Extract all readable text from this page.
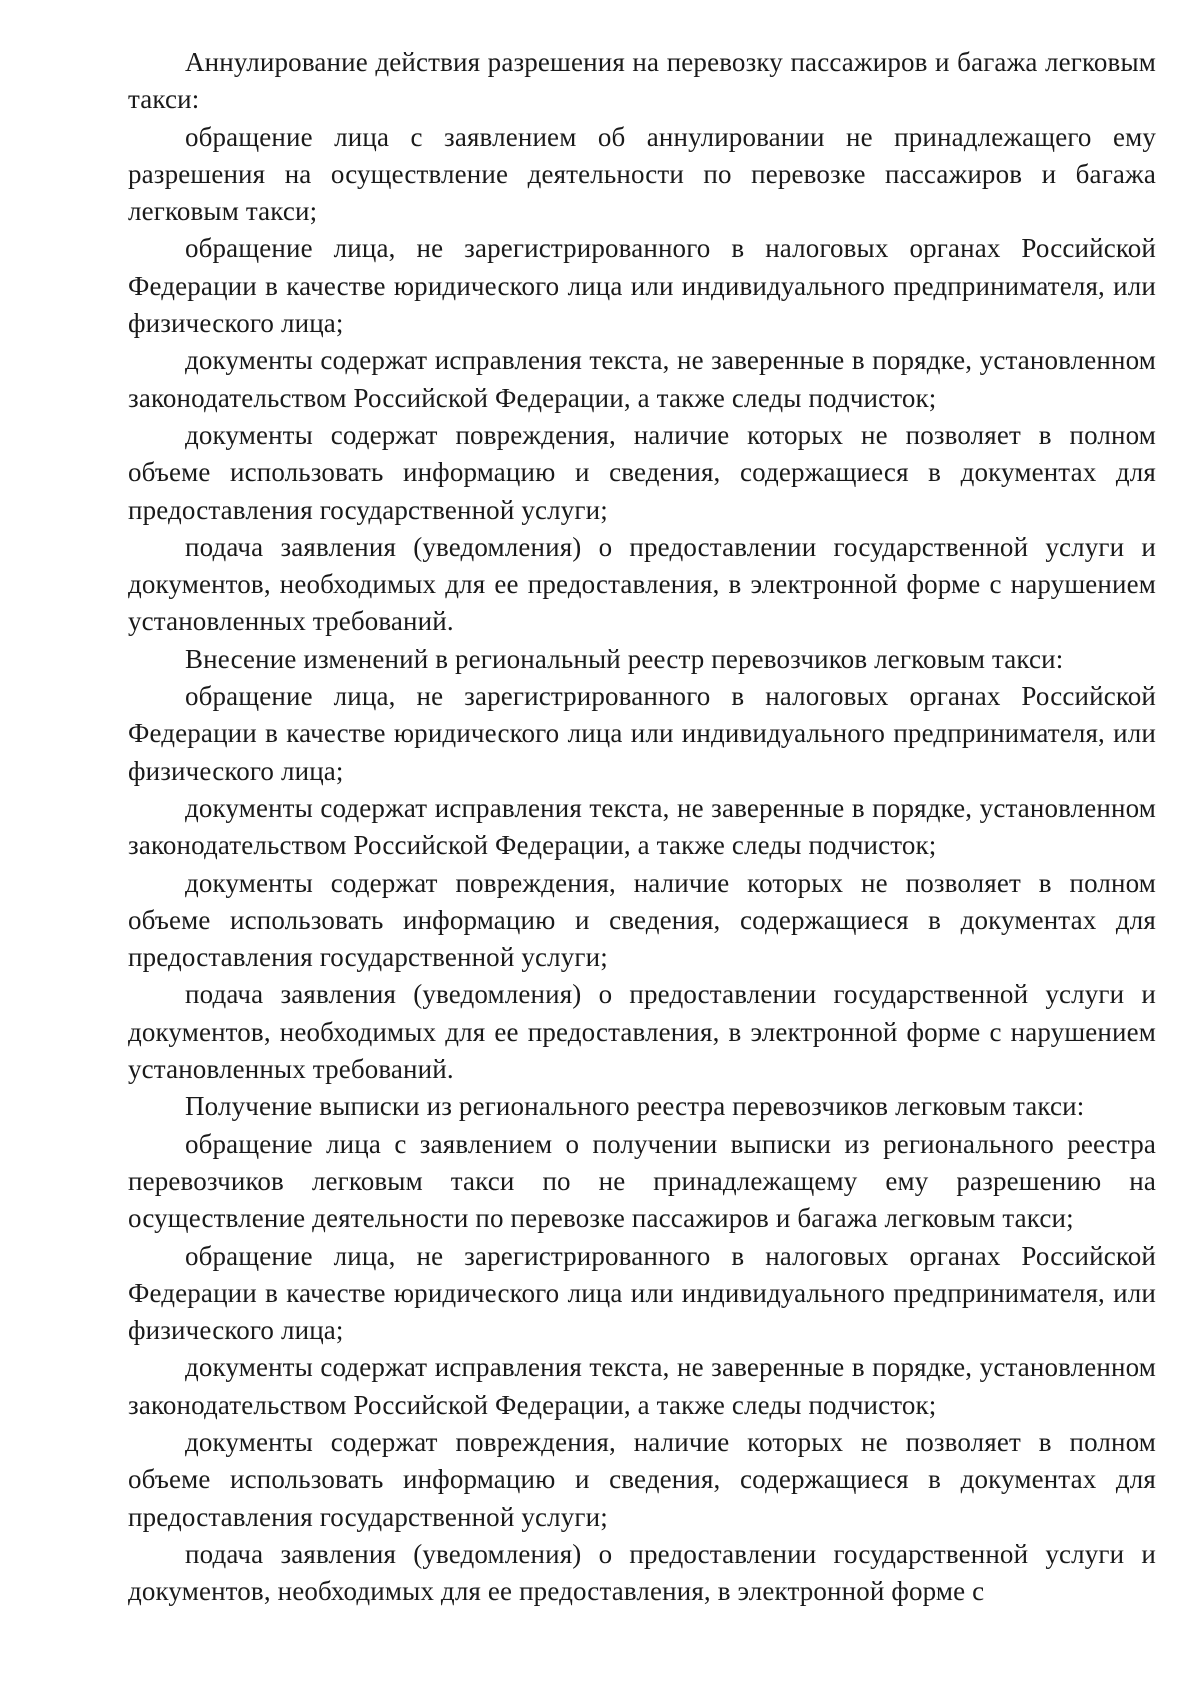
Аннулирование действия разрешения на перевозку пассажиров и багажа легковым такси:

обращение лица с заявлением об аннулировании не принадлежащего ему разрешения на осуществление деятельности по перевозке пассажиров и багажа легковым такси;

обращение лица, не зарегистрированного в налоговых органах Российской Федерации в качестве юридического лица или индивидуального предпринимателя, или физического лица;

документы содержат исправления текста, не заверенные в порядке, установленном законодательством Российской Федерации, а также следы подчисток;

документы содержат повреждения, наличие которых не позволяет в полном объеме использовать информацию и сведения, содержащиеся в документах для предоставления государственной услуги;

подача заявления (уведомления) о предоставлении государственной услуги и документов, необходимых для ее предоставления, в электронной форме с нарушением установленных требований.

Внесение изменений в региональный реестр перевозчиков легковым такси:

обращение лица, не зарегистрированного в налоговых органах Российской Федерации в качестве юридического лица или индивидуального предпринимателя, или физического лица;

документы содержат исправления текста, не заверенные в порядке, установленном законодательством Российской Федерации, а также следы подчисток;

документы содержат повреждения, наличие которых не позволяет в полном объеме использовать информацию и сведения, содержащиеся в документах для предоставления государственной услуги;

подача заявления (уведомления) о предоставлении государственной услуги и документов, необходимых для ее предоставления, в электронной форме с нарушением установленных требований.

Получение выписки из регионального реестра перевозчиков легковым такси:

обращение лица с заявлением о получении выписки из регионального реестра перевозчиков легковым такси по не принадлежащему ему разрешению на осуществление деятельности по перевозке пассажиров и багажа легковым такси;

обращение лица, не зарегистрированного в налоговых органах Российской Федерации в качестве юридического лица или индивидуального предпринимателя, или физического лица;

документы содержат исправления текста, не заверенные в порядке, установленном законодательством Российской Федерации, а также следы подчисток;

документы содержат повреждения, наличие которых не позволяет в полном объеме использовать информацию и сведения, содержащиеся в документах для предоставления государственной услуги;

подача заявления (уведомления) о предоставлении государственной услуги и документов, необходимых для ее предоставления, в электронной форме с
